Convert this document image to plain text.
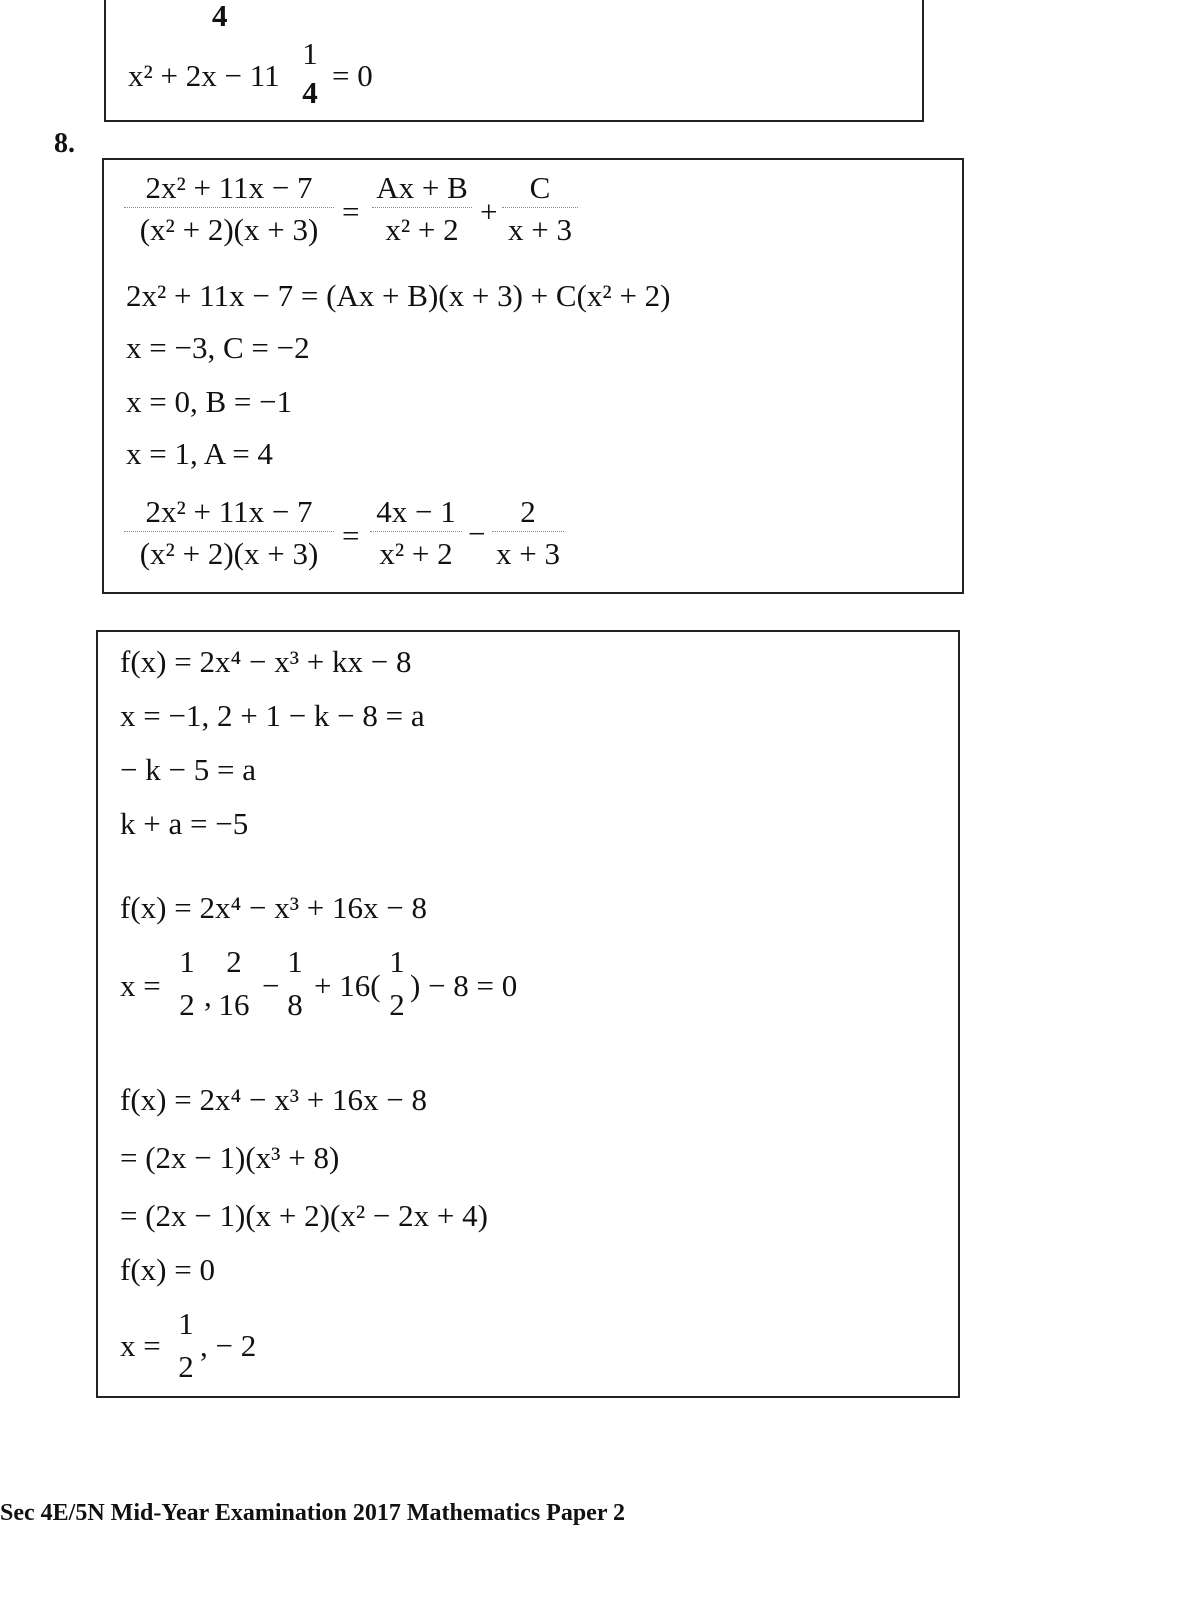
4
x² + 2x − 11
1
4 = 0
8.
2x² + 11x − 7
(x² + 2)(x + 3)
=
Ax + B
x² + 2
+
C
x + 3
2x² + 11x − 7 = (Ax + B)(x + 3) + C(x² + 2)
x = −3, C = −2
x = 0, B = −1
x = 1, A = 4
2x² + 11x − 7
(x² + 2)(x + 3)
=
4x − 1
x² + 2
−
2
x + 3
f(x) = 2x⁴ − x³ + kx − 8
x = −1, 2 + 1 − k − 8 = a
− k − 5 = a
k + a = −5
f(x) = 2x⁴ − x³ + 16x − 8
x =
1
2 ,
2
16
−
1
8
+ 16(
1
2
) − 8 = 0
f(x) = 2x⁴ − x³ + 16x − 8
= (2x − 1)(x³ + 8)
= (2x − 1)(x + 2)(x² − 2x + 4)
f(x) = 0
x =
1
2
, − 2
Sec 4E/5N Mid-Year Examination 2017 Mathematics Paper 2
